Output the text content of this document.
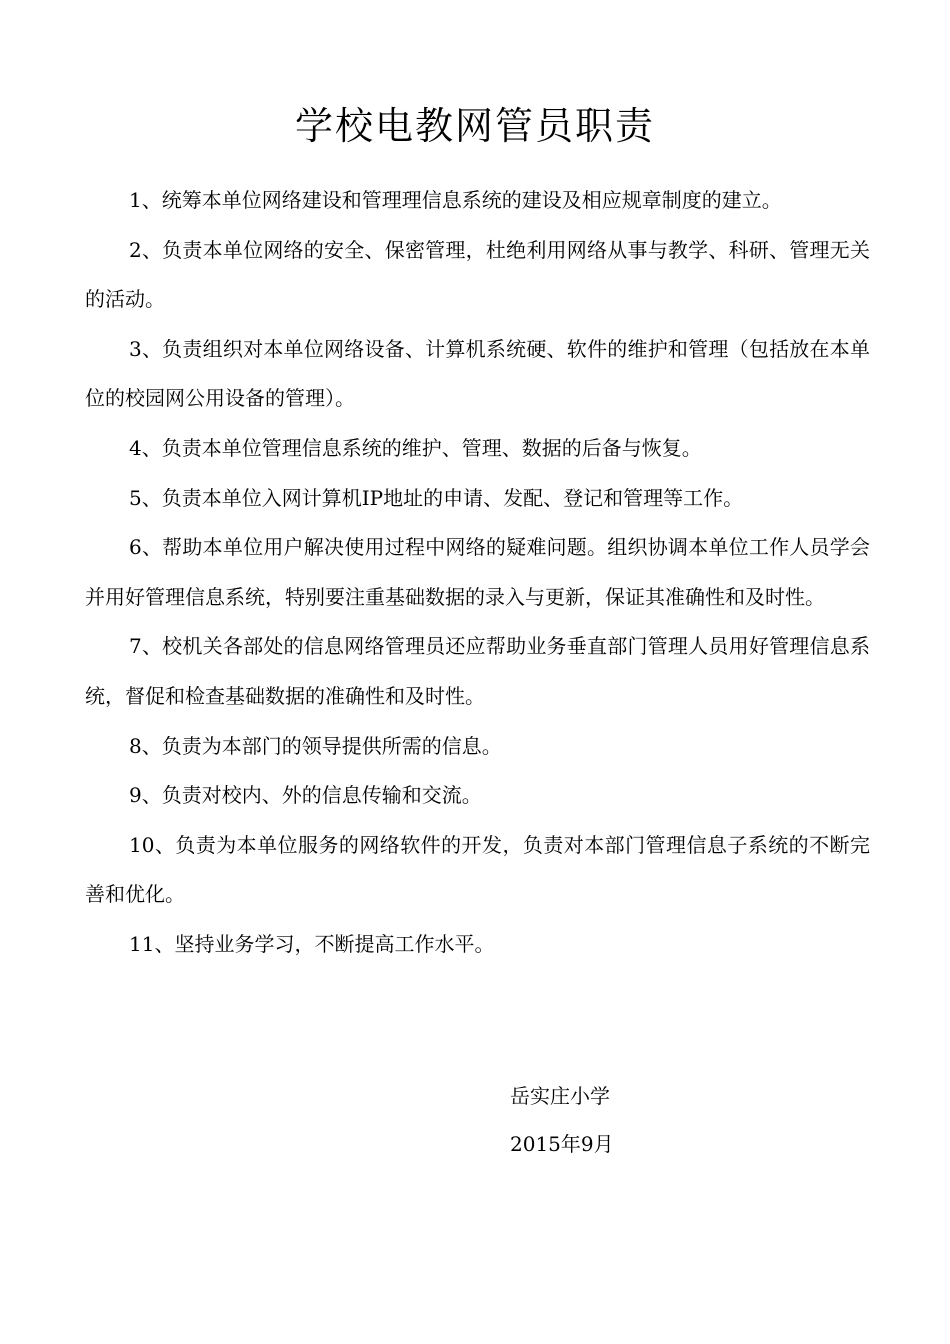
学校电教网管员职责

1、统筹本单位网络建设和管理理信息系统的建设及相应规章制度的建立。

2、负责本单位网络的安全、保密管理，杜绝利用网络从事与教学、科研、管理无关的活动。

3、负责组织对本单位网络设备、计算机系统硬、软件的维护和管理（包括放在本单位的校园网公用设备的管理）。

4、负责本单位管理信息系统的维护、管理、数据的后备与恢复。

5、负责本单位入网计算机IP地址的申请、发配、登记和管理等工作。

6、帮助本单位用户解决使用过程中网络的疑难问题。组织协调本单位工作人员学会并用好管理信息系统，特别要注重基础数据的录入与更新，保证其准确性和及时性。

7、校机关各部处的信息网络管理员还应帮助业务垂直部门管理人员用好管理信息系统，督促和检查基础数据的准确性和及时性。

8、负责为本部门的领导提供所需的信息。

9、负责对校内、外的信息传输和交流。

10、负责为本单位服务的网络软件的开发，负责对本部门管理信息子系统的不断完善和优化。

11、坚持业务学习，不断提高工作水平。

岳实庄小学

2015年9月
